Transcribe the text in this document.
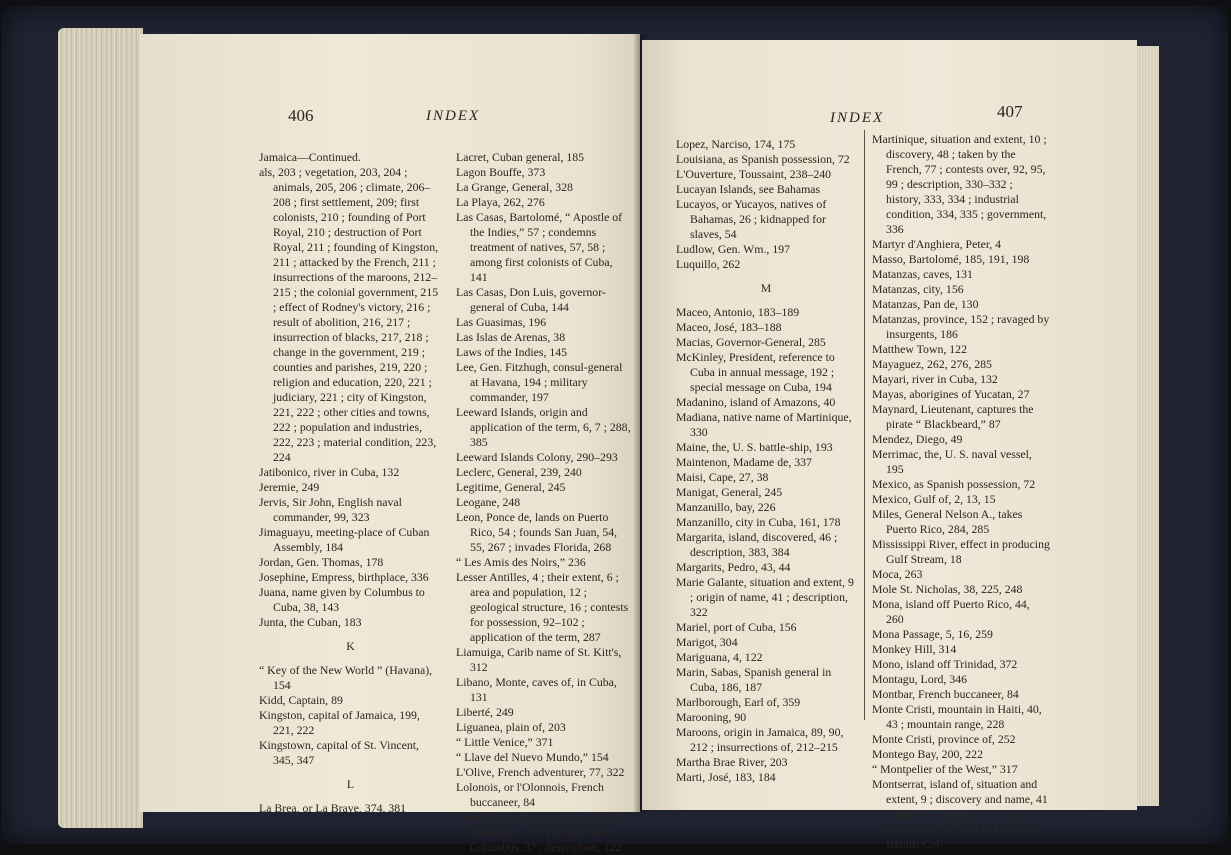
406	INDEX
Jamaica—Continued.
als, 203 ; vegetation, 203, 204 ; animals, 205, 206 ; climate, 206–208 ; first settlement, 209; first colonists, 210 ; founding of Port Royal, 210 ; destruction of Port Royal, 211 ; founding of Kingston, 211 ; attacked by the French, 211 ; insurrections of the maroons, 212–215 ; the colonial government, 215 ; effect of Rodney's victory, 216 ; result of abolition, 216, 217 ; insurrection of blacks, 217, 218 ; change in the government, 219 ; counties and parishes, 219, 220 ; religion and education, 220, 221 ; judiciary, 221 ; city of Kingston, 221, 222 ; other cities and towns, 222 ; population and industries, 222, 223 ; material condition, 223, 224
Jatibonico, river in Cuba, 132
Jeremie, 249
Jervis, Sir John, English naval commander, 99, 323
Jimaguayu, meeting-place of Cuban Assembly, 184
Jordan, Gen. Thomas, 178
Josephine, Empress, birthplace, 336
Juana, name given by Columbus to Cuba, 38, 143
Junta, the Cuban, 183
K
“ Key of the New World ” (Havana), 154
Kidd, Captain, 89
Kingston, capital of Jamaica, 199, 221, 222
Kingstown, capital of St. Vincent, 345, 347
L
La Brea, or La Braye, 374, 381
Lacret, Cuban general, 185
Lagon Bouffe, 373
La Grange, General, 328
La Playa, 262, 276
Las Casas, Bartolomé, “ Apostle of the Indies,” 57 ; condemns treatment of natives, 57, 58 ; among first colonists of Cuba, 141
Las Casas, Don Luis, governor-general of Cuba, 144
Las Guasimas, 196
Las Islas de Arenas, 38
Laws of the Indies, 145
Lee, Gen. Fitzhugh, consul-general at Havana, 194 ; military commander, 197
Leeward Islands, origin and application of the term, 6, 7 ; 288, 385
Leeward Islands Colony, 290–293
Leclerc, General, 239, 240
Legitime, General, 245
Leogane, 248
Leon, Ponce de, lands on Puerto Rico, 54 ; founds San Juan, 54, 55, 267 ; invades Florida, 268
“ Les Amis des Noirs,” 236
Lesser Antilles, 4 ; their extent, 6 ; area and population, 12 ; geological structure, 16 ; contests for possession, 92–102 ; application of the term, 287
Liamuiga, Carib name of St. Kitt's, 312
Libano, Monte, caves of, in Cuba, 131
Liberté, 249
Liguanea, plain of, 203
“ Little Venice,” 371
“ Llave del Nuevo Mundo,” 154
L'Olive, French adventurer, 77, 322
Lolonois, or l'Olonnois, French buccaneer, 84
Long Island, discovery, 4 ; relics of aborigines, 27 ; Fernandina of Columbus, 37 ; description, 122
INDEX	407
Lopez, Narciso, 174, 175
Louisiana, as Spanish possession, 72
L'Ouverture, Toussaint, 238–240
Lucayan Islands, see Bahamas
Lucayos, or Yucayos, natives of Bahamas, 26 ; kidnapped for slaves, 54
Ludlow, Gen. Wm., 197
Luquillo, 262
M
Maceo, Antonio, 183–189
Maceo, José, 183–188
Macias, Governor-General, 285
McKinley, President, reference to Cuba in annual message, 192 ; special message on Cuba, 194
Madanino, island of Amazons, 40
Madiana, native name of Martinique, 330
Maine, the, U. S. battle-ship, 193
Maintenon, Madame de, 337
Maisi, Cape, 27, 38
Manigat, General, 245
Manzanillo, bay, 226
Manzanillo, city in Cuba, 161, 178
Margarita, island, discovered, 46 ; description, 383, 384
Margarits, Pedro, 43, 44
Marie Galante, situation and extent, 9 ; origin of name, 41 ; description, 322
Mariel, port of Cuba, 156
Marigot, 304
Mariguana, 4, 122
Marin, Sabas, Spanish general in Cuba, 186, 187
Marlborough, Earl of, 359
Marooning, 90
Maroons, origin in Jamaica, 89, 90, 212 ; insurrections of, 212–215
Martha Brae River, 203
Marti, José, 183, 184
Martinique, situation and extent, 10 ; discovery, 48 ; taken by the French, 77 ; contests over, 92, 95, 99 ; description, 330–332 ; history, 333, 334 ; industrial condition, 334, 335 ; government, 336
Martyr d'Anghiera, Peter, 4
Masso, Bartolomé, 185, 191, 198
Matanzas, caves, 131
Matanzas, city, 156
Matanzas, Pan de, 130
Matanzas, province, 152 ; ravaged by insurgents, 186
Matthew Town, 122
Mayaguez, 262, 276, 285
Mayari, river in Cuba, 132
Mayas, aborigines of Yucatan, 27
Maynard, Lieutenant, captures the pirate “ Blackbeard,” 87
Mendez, Diego, 49
Merrimac, the, U. S. naval vessel, 195
Mexico, as Spanish possession, 72
Mexico, Gulf of, 2, 13, 15
Miles, General Nelson A., takes Puerto Rico, 284, 285
Mississippi River, effect in producing Gulf Stream, 18
Moca, 263
Mole St. Nicholas, 38, 225, 248
Mona, island off Puerto Rico, 44, 260
Mona Passage, 5, 16, 259
Monkey Hill, 314
Mono, island off Trinidad, 372
Montagu, Lord, 346
Montbar, French buccaneer, 84
Monte Cristi, mountain in Haiti, 40, 43 ; mountain range, 228
Monte Cristi, province of, 252
Montego Bay, 200, 222
“ Montpelier of the West,” 317
Montserrat, island of, situation and extent, 9 ; discovery and name, 41 ; taken by English, 75 ; captured by French, 93 ; part of Leeward Islands Col-
